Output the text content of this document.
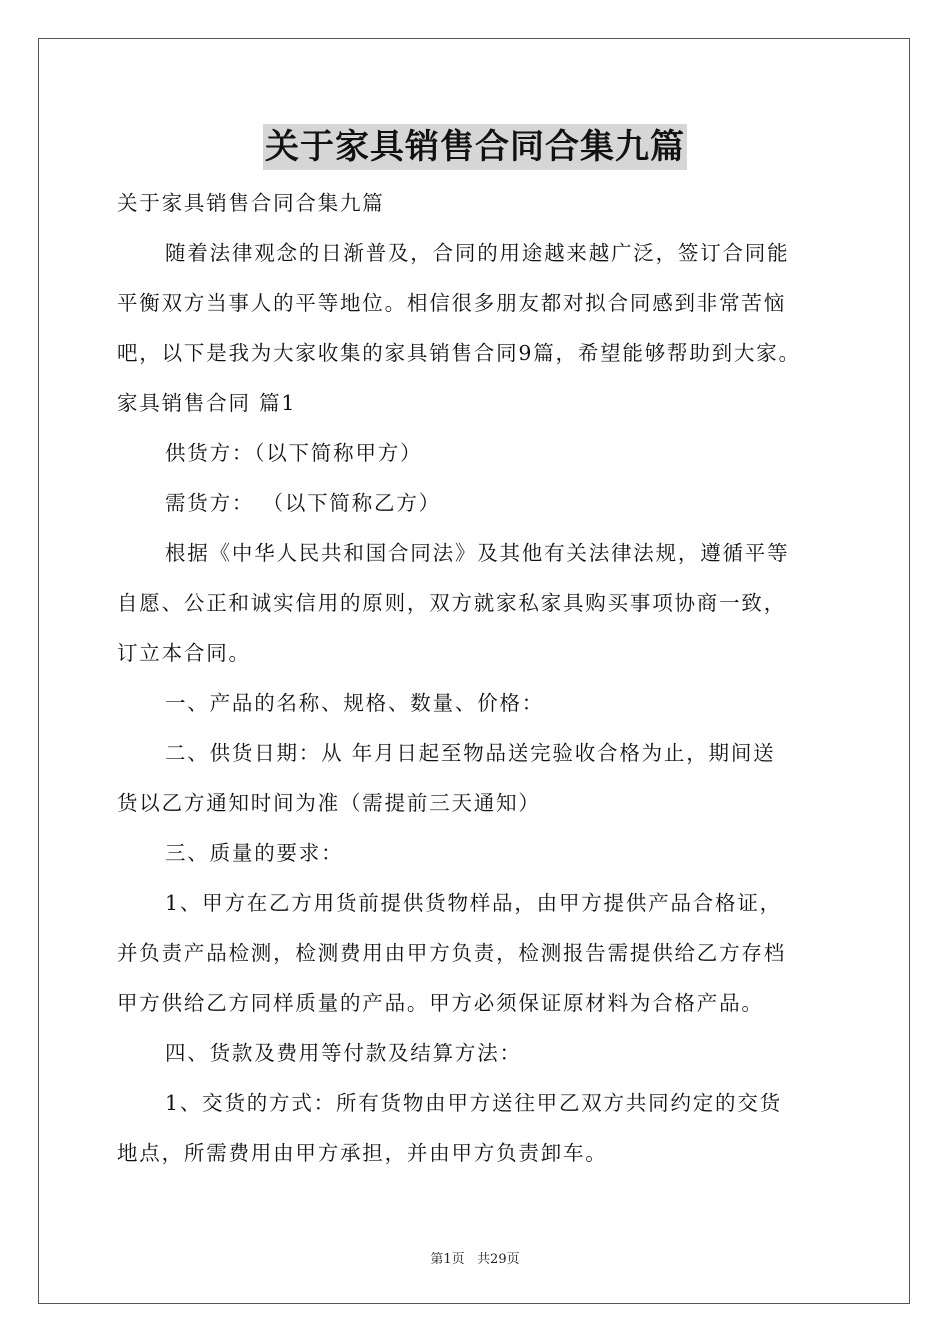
关于家具销售合同合集九篇

关于家具销售合同合集九篇

随着法律观念的日渐普及，合同的用途越来越广泛，签订合同能

平衡双方当事人的平等地位。相信很多朋友都对拟合同感到非常苦恼

吧，以下是我为大家收集的家具销售合同9篇，希望能够帮助到大家。

家具销售合同 篇1

供货方：（以下简称甲方）

需货方： （以下简称乙方）

根据《中华人民共和国合同法》及其他有关法律法规，遵循平等

自愿、公正和诚实信用的原则，双方就家私家具购买事项协商一致，

订立本合同。

一、产品的名称、规格、数量、价格：

二、供货日期：从 年月日起至物品送完验收合格为止，期间送

货以乙方通知时间为准（需提前三天通知）

三、质量的要求：

1、甲方在乙方用货前提供货物样品，由甲方提供产品合格证，

并负责产品检测，检测费用由甲方负责，检测报告需提供给乙方存档

甲方供给乙方同样质量的产品。甲方必须保证原材料为合格产品。

四、货款及费用等付款及结算方法：

1、交货的方式：所有货物由甲方送往甲乙双方共同约定的交货

地点，所需费用由甲方承担，并由甲方负责卸车。

第1页   共29页
